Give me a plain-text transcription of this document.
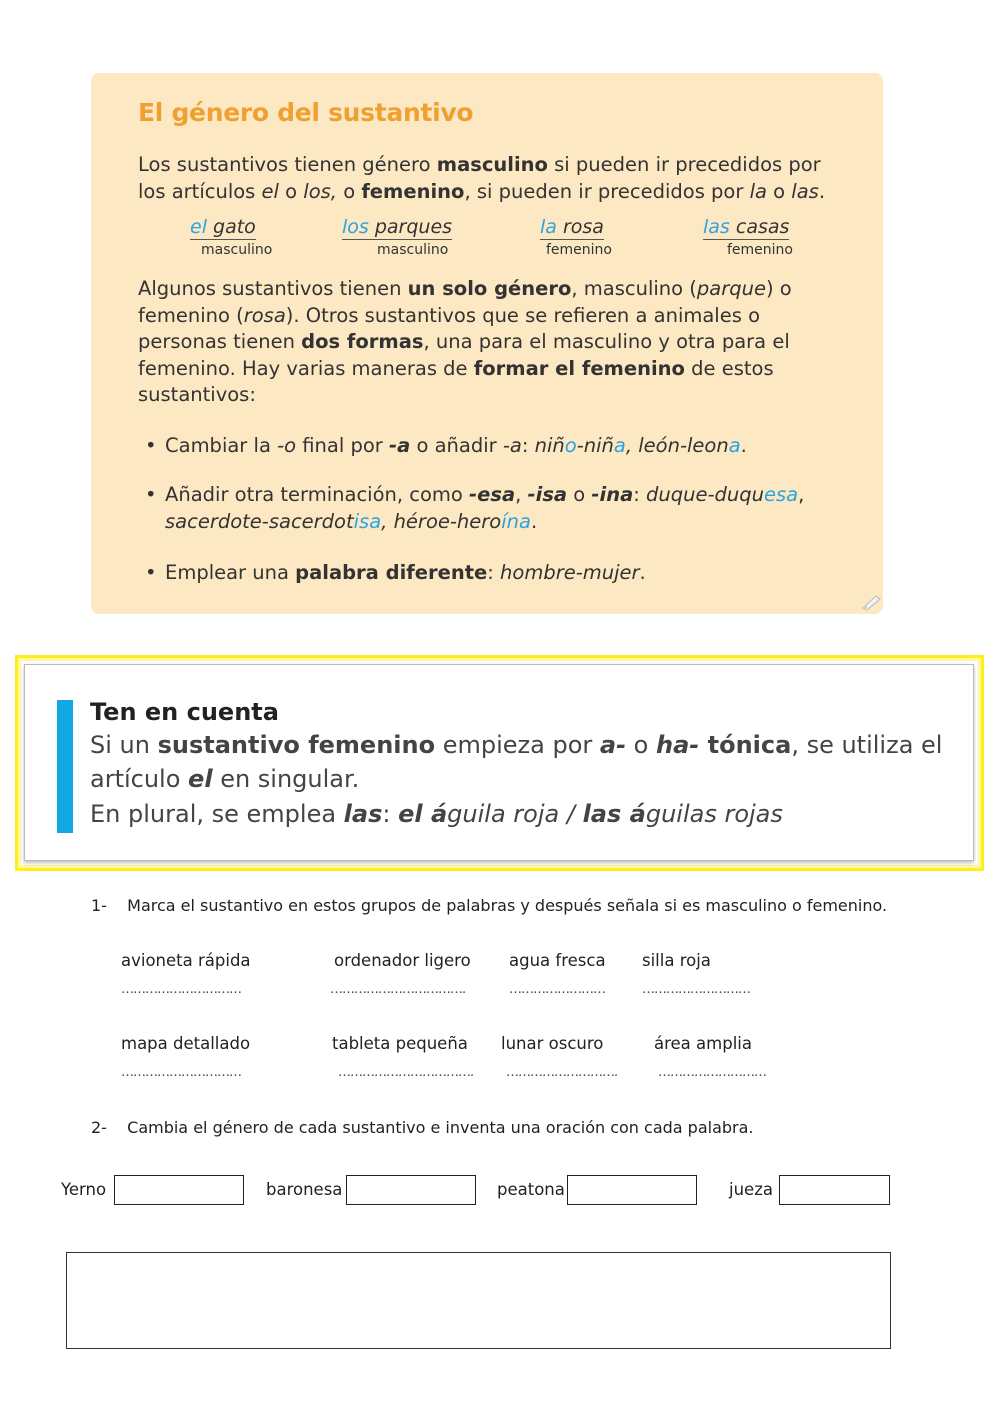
El género del sustantivo
Los sustantivos tienen género masculino si pueden ir precedidos por
los artículos el o los, o femenino, si pueden ir precedidos por la o las.
el gato
masculino
los parques
masculino
la rosa
femenino
las casas
femenino
Algunos sustantivos tienen un solo género, masculino (parque) o
femenino (rosa). Otros sustantivos que se refieren a animales o
personas tienen dos formas, una para el masculino y otra para el
femenino. Hay varias maneras de formar el femenino de estos
sustantivos:
• Cambiar la -o final por -a o añadir -a: niño-niña, león-leona.
• Añadir otra terminación, como -esa, -isa o -ina: duque-duquesa,
sacerdote-sacerdotisa, héroe-heroína.
• Emplear una palabra diferente: hombre-mujer.
Ten en cuenta
Si un sustantivo femenino empieza por a- o ha- tónica, se utiliza el
artículo el en singular.
En plural, se emplea las: el águila roja / las águilas rojas
1- Marca el sustantivo en estos grupos de palabras y después señala si es masculino o femenino.
avioneta rápida
…………………………
ordenador ligero
…………………………….
agua fresca
……………………
silla roja
………………………
mapa detallado
…………………………
tableta pequeña
…………………………….
lunar oscuro
……………………….
área amplia
………………………
2- Cambia el género de cada sustantivo e inventa una oración con cada palabra.
Yerno	baronesa	peatona	jueza
